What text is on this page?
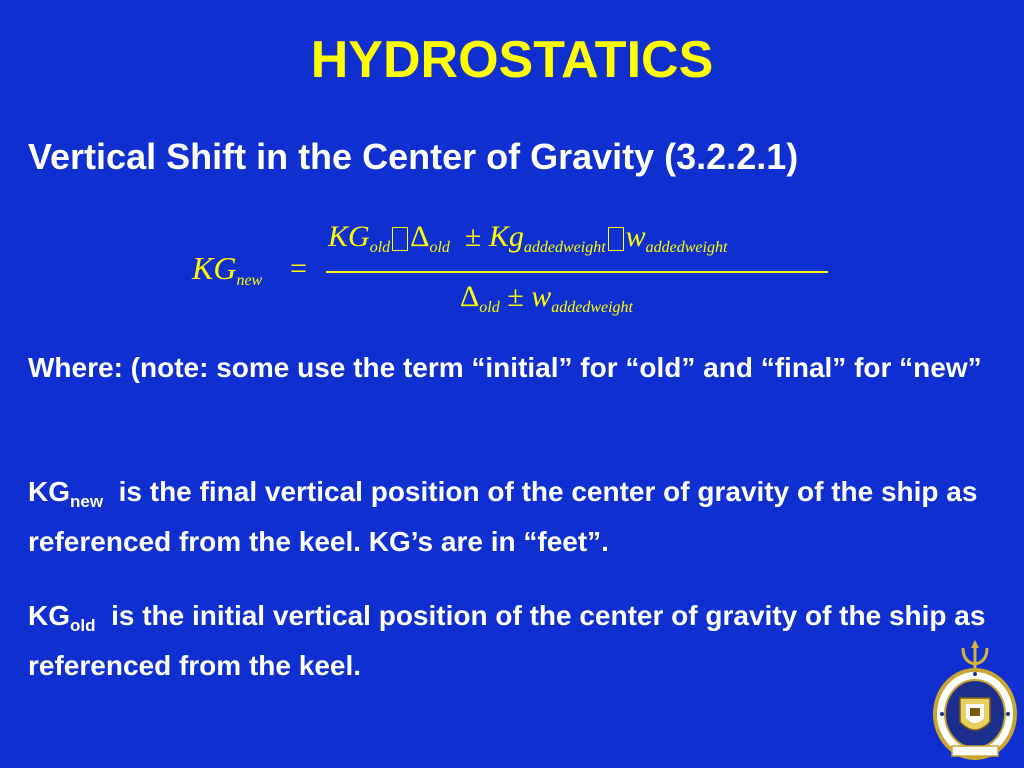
HYDROSTATICS
Vertical Shift in the Center of Gravity (3.2.2.1)
$KG_{new}$ =
$KG_{old}$ $\Delta_{old} \pm Kg_{addedweight}$ $w_{addedweight}$
$\Delta_{old} \pm w_{addedweight}$
Where: (note: some use the term “initial” for “old” and “final” for “new”
$KG_{new}$ is the final vertical position of the center of gravity of the ship as referenced from the keel. KG’s are in “feet”.
$KG_{old}$ is the initial vertical position of the center of gravity of the ship as referenced from the keel.
